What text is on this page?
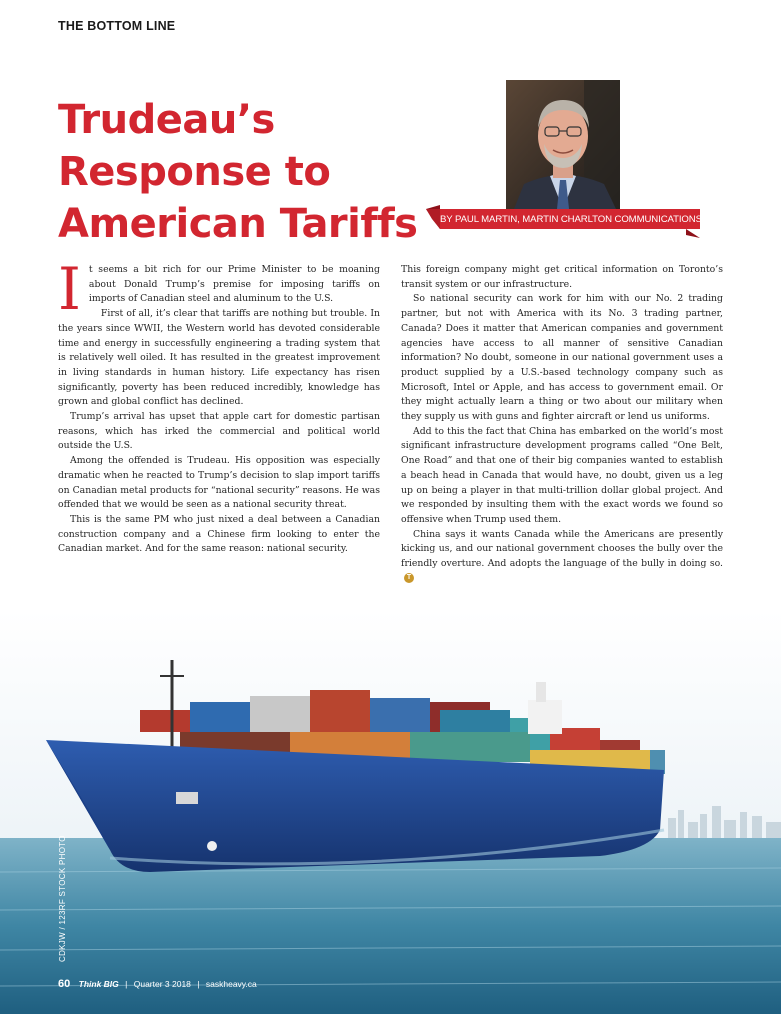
THE BOTTOM LINE
Trudeau’s Response to American Tariffs BY PAUL MARTIN, MARTIN CHARLTON COMMUNICATIONS

It seems a bit rich for our Prime Minister to be moaning about Donald Trump’s premise for imposing tariffs on imports of Canadian steel and aluminum to the U.S.

First of all, it’s clear that tariffs are nothing but trouble. In the years since WWII, the Western world has devoted considerable time and energy in successfully engineering a trading system that is relatively well oiled. It has resulted in the greatest improvement in living standards in human history. Life expectancy has risen significantly, poverty has been reduced incredibly, knowledge has grown and global conflict has declined.

Trump’s arrival has upset that apple cart for domestic partisan reasons, which has irked the commercial and political world outside the U.S.

Among the offended is Trudeau. His opposition was especially dramatic when he reacted to Trump’s decision to slap import tariffs on Canadian metal products for “national security” reasons. He was offended that we would be seen as a national security threat.

This is the same PM who just nixed a deal between a Canadian construction company and a Chinese firm looking to enter the Canadian market. And for the same reason: national security.

This foreign company might get critical information on Toronto’s transit system or our infrastructure.

So national security can work for him with our No. 2 trading partner, but not with America with its No. 3 trading partner, Canada? Does it matter that American companies and government agencies have access to all manner of sensitive Canadian information? No doubt, someone in our national government uses a product supplied by a U.S.-based technology company such as Microsoft, Intel or Apple, and has access to government email. Or they might actually learn a thing or two about our military when they supply us with guns and fighter aircraft or lend us uniforms.

Add to this the fact that China has embarked on the world’s most significant infrastructure development programs called “One Belt, One Road” and that one of their big companies wanted to establish a beach head in Canada that would have, no doubt, given us a leg up on being a player in that multi-trillion dollar global project. And we responded by insulting them with the exact words we found so offensive when Trump used them.

China says it wants Canada while the Americans are presently kicking us, and our national government chooses the bully over the friendly overture. And adopts the language of the bully in doing so.T

CDKJW / 123RF STOCK PHOTO
60 Think BIG | Quarter 3 2018 | saskheavy.ca
